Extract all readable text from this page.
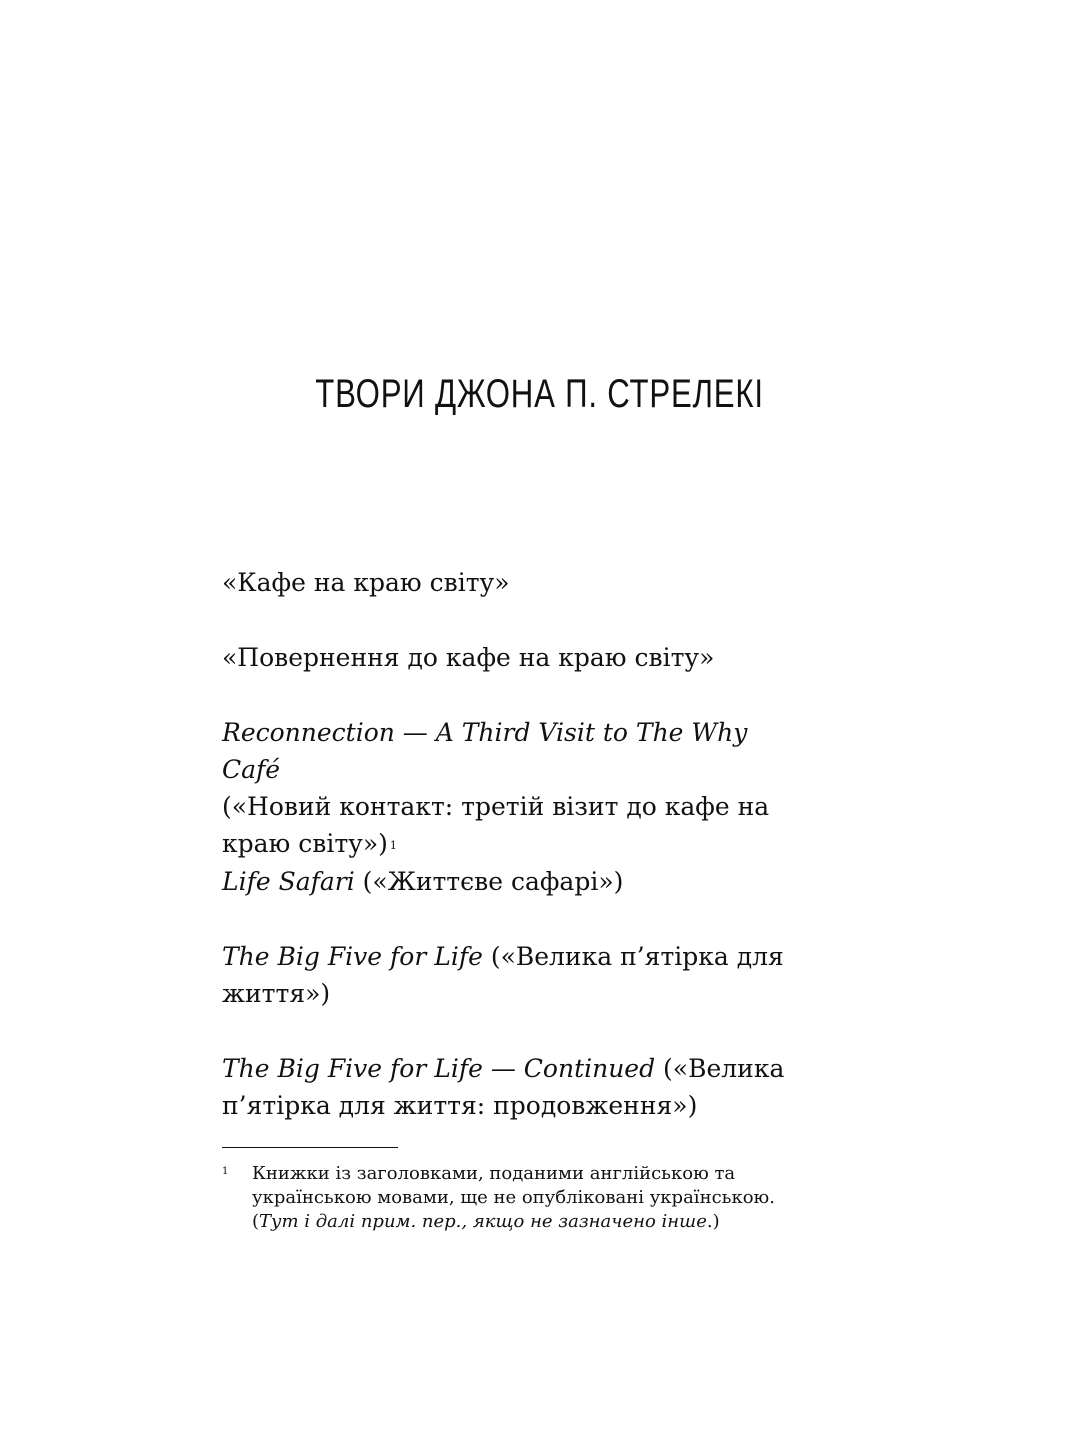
ТВОРИ ДЖОНА П. СТРЕЛЕКІ
«Кафе на краю світу»
«Повернення до кафе на краю світу»
Reconnection — A Third Visit to The Why Café
(«Новий контакт: третій візит до кафе на краю світу») $^1$
Life Safari («Життєве сафарі»)
The Big Five for Life («Велика п’ятірка для життя»)
The Big Five for Life — Continued («Велика п’ятірка для життя: продовження»)
1 Книжки із заголовками, поданими англійською та українською мовами, ще не опубліковані українською. (Тут і далі прим. пер., якщо не зазначено інше.)
